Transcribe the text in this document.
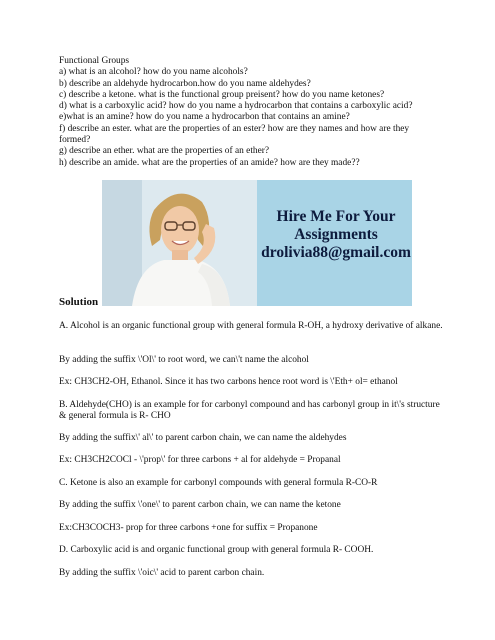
Functional Groups

a) what is an alcohol? how do you name alcohols?

b) describe an aldehyde hydrocarbon.how do you name aldehydes?

c) describe a ketone. what is the functional group preisent? how do you name ketones?

d) what is a carboxylic acid? how do you name a hydrocarbon that contains a carboxylic acid?

e)what is an amine? how do you name a hydrocarbon that contains an amine?

f) describe an ester. what are the properties of an ester? how are they names and how are they formed?

g) describe an ether. what are the properties of an ether?

h) describe an amide. what are the properties of an amide? how are they made??

Hire Me For Your
Assignments
drolivia88@gmail.com
Solution

A. Alcohol is an organic functional group with general formula R-OH, a hydroxy derivative of alkane.

By adding the suffix \'Ol\' to root word, we can\'t name the alcohol

Ex: CH3CH2-OH, Ethanol. Since it has two carbons hence root word is \'Eth+ ol= ethanol

B. Aldehyde(CHO) is an example for for carbonyl compound and has carbonyl group in it\'s structure & general formula is R- CHO

By adding the suffix\' al\' to parent carbon chain, we can name the aldehydes

Ex: CH3CH2COCl - \'prop\' for three carbons + al for aldehyde = Propanal

C. Ketone is also an example for carbonyl compounds with general formula R-CO-R

By adding the suffix \'one\' to parent carbon chain, we can name the ketone

Ex:CH3COCH3- prop for three carbons +one for suffix = Propanone

D. Carboxylic acid is and organic functional group with general formula R- COOH.

By adding the suffix \'oic\' acid to parent carbon chain.
